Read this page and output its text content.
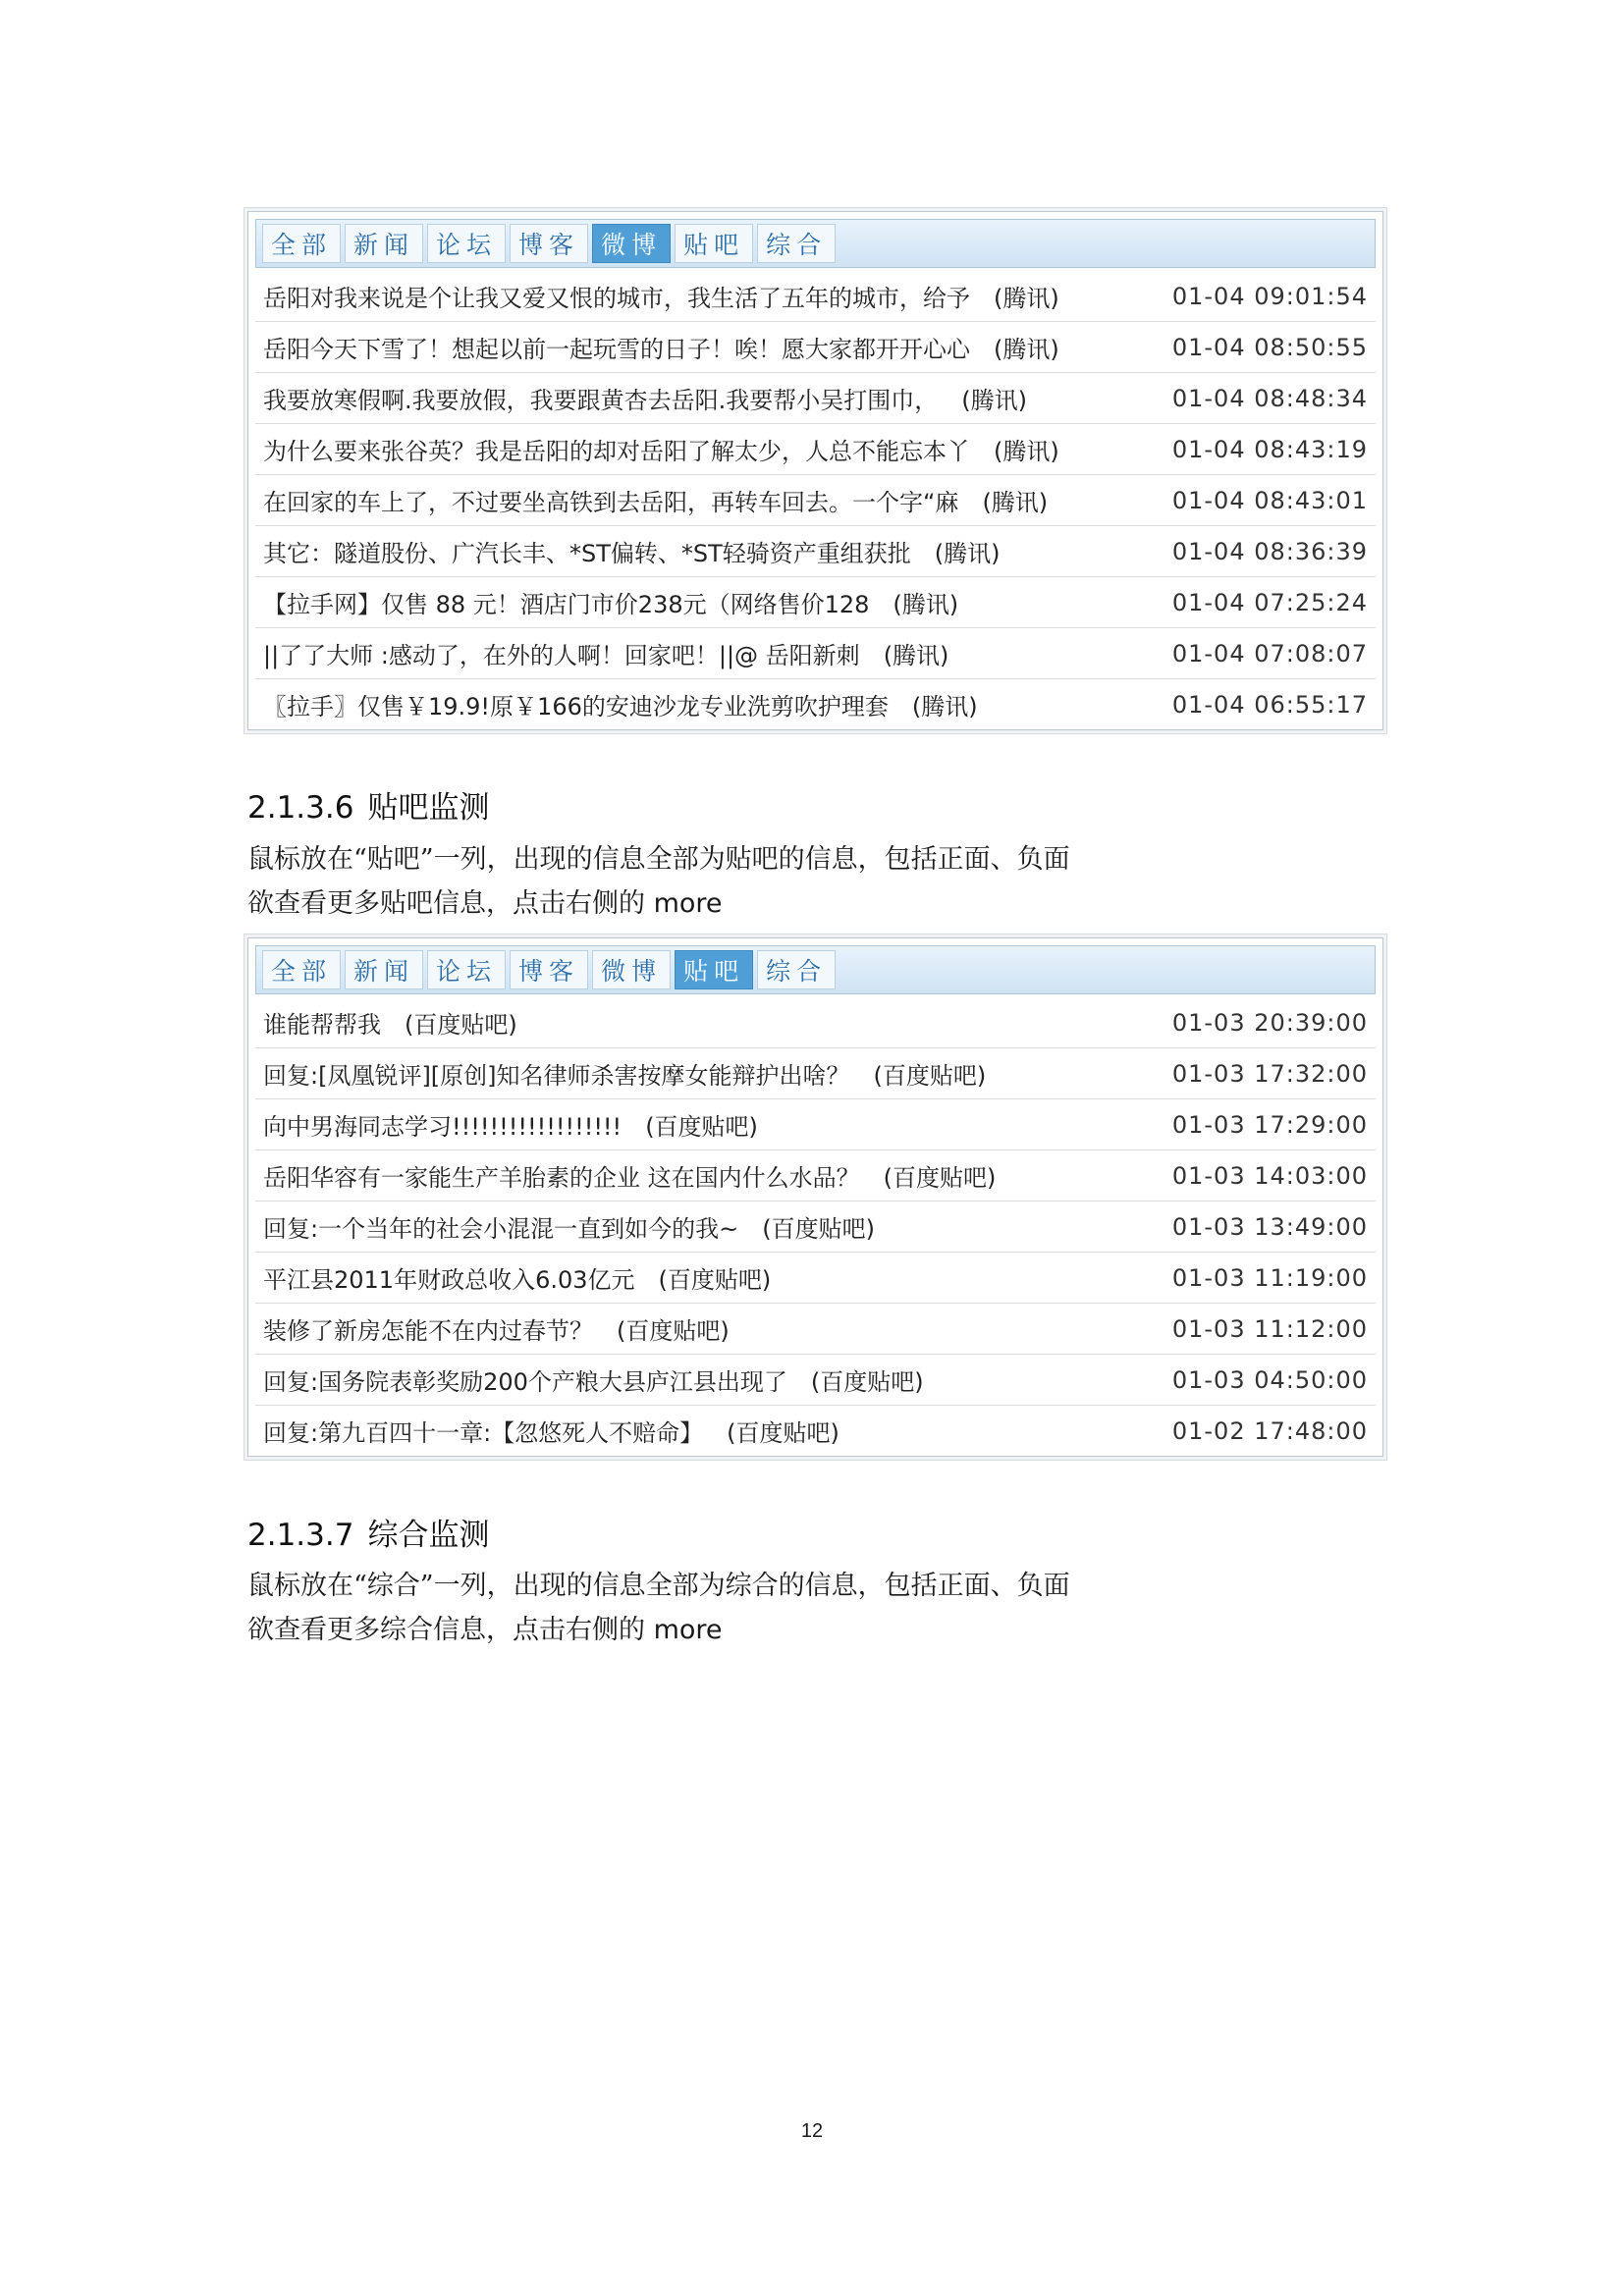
全部 新闻 论坛 博客 微博 贴吧 综合
岳阳对我来说是个让我又爱又恨的城市，我生活了五年的城市，给予 (腾讯)	01-04 09:01:54
岳阳今天下雪了！想起以前一起玩雪的日子！唉！愿大家都开开心心 (腾讯)	01-04 08:50:55
我要放寒假啊.我要放假，我要跟黄杏去岳阳.我要帮小吴打围巾， (腾讯)	01-04 08:48:34
为什么要来张谷英？我是岳阳的却对岳阳了解太少，人总不能忘本丫 (腾讯)	01-04 08:43:19
在回家的车上了，不过要坐高铁到去岳阳，再转车回去。一个字“麻 (腾讯)	01-04 08:43:01
其它：隧道股份、广汽长丰、*ST偏转、*ST轻骑资产重组获批 (腾讯)	01-04 08:36:39
【拉手网】仅售 88 元！酒店门市价238元（网络售价128 (腾讯)	01-04 07:25:24
||了了大师 :感动了，在外的人啊！回家吧！||@ 岳阳新刺 (腾讯)	01-04 07:08:07
〖拉手〗仅售￥19.9!原￥166的安迪沙龙专业洗剪吹护理套 (腾讯)	01-04 06:55:17
2.1.3.6 贴吧监测

鼠标放在“贴吧”一列，出现的信息全部为贴吧的信息，包括正面、负面
欲查看更多贴吧信息，点击右侧的 more

全部 新闻 论坛 博客 微博 贴吧 综合
谁能帮帮我 (百度贴吧)	01-03 20:39:00
回复:[凤凰锐评][原创]知名律师杀害按摩女能辩护出啥？ (百度贴吧)	01-03 17:32:00
向中男海同志学习!!!!!!!!!!!!!!!!!! (百度贴吧)	01-03 17:29:00
岳阳华容有一家能生产羊胎素的企业 这在国内什么水品？ (百度贴吧)	01-03 14:03:00
回复:一个当年的社会小混混一直到如今的我~ (百度贴吧)	01-03 13:49:00
平江县2011年财政总收入6.03亿元 (百度贴吧)	01-03 11:19:00
装修了新房怎能不在内过春节？ (百度贴吧)	01-03 11:12:00
回复:国务院表彰奖励200个产粮大县庐江县出现了 (百度贴吧)	01-03 04:50:00
回复:第九百四十一章:【忽悠死人不赔命】 (百度贴吧)	01-02 17:48:00
2.1.3.7 综合监测

鼠标放在“综合”一列，出现的信息全部为综合的信息，包括正面、负面
欲查看更多综合信息，点击右侧的 more

12
